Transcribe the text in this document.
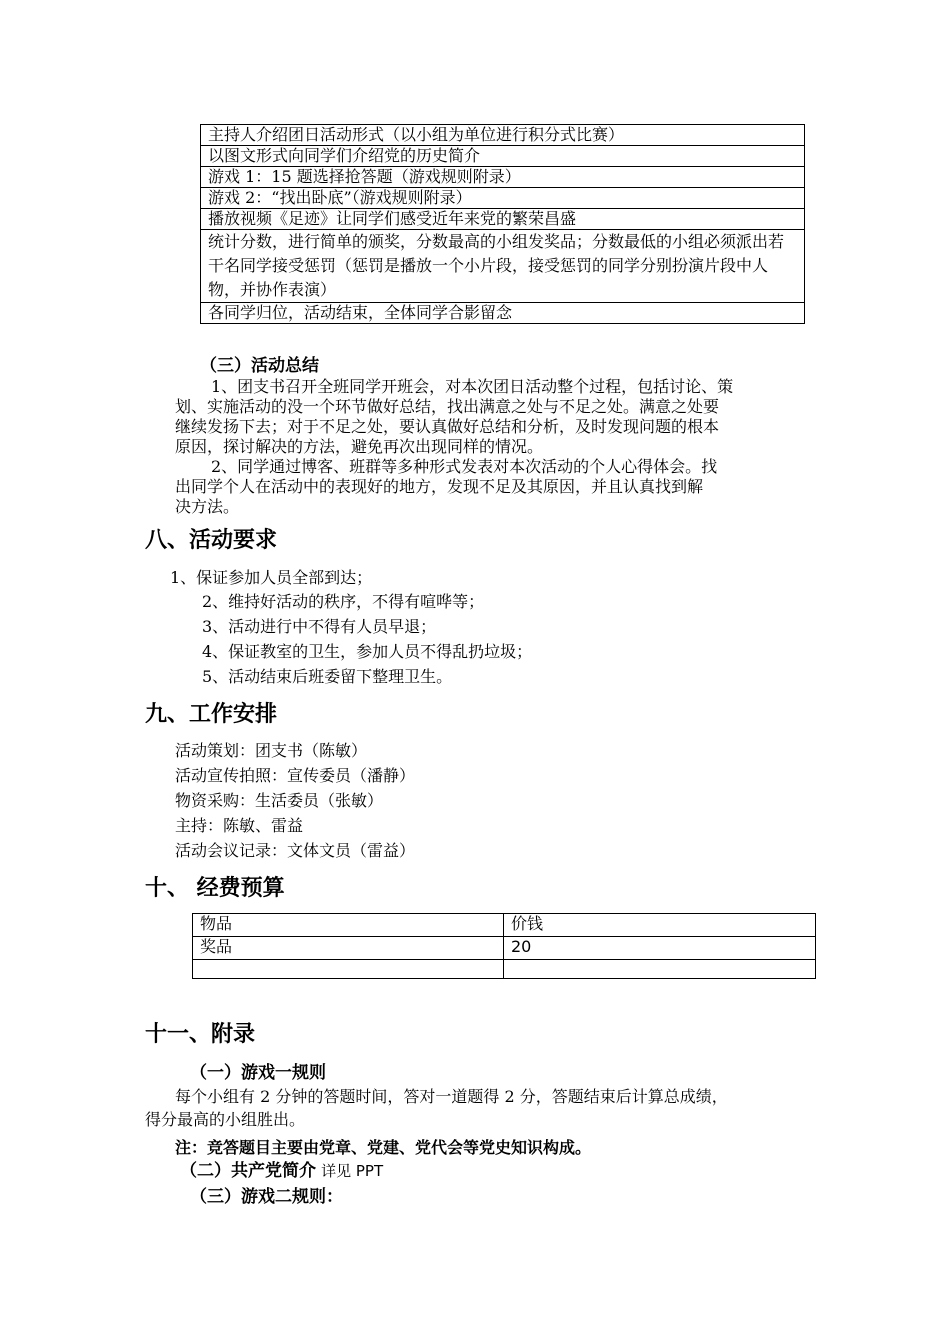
主持人介绍团日活动形式（以小组为单位进行积分式比赛）
以图文形式向同学们介绍党的历史简介
游戏 1：15 题选择抢答题（游戏规则附录）
游戏 2：“找出卧底”（游戏规则附录）
播放视频《足迹》让同学们感受近年来党的繁荣昌盛
统计分数，进行简单的颁奖，分数最高的小组发奖品；分数最低的小组必须派出若干名同学接受惩罚（惩罚是播放一个小片段，接受惩罚的同学分别扮演片段中人物，并协作表演）
各同学归位，活动结束，全体同学合影留念
（三）活动总结
1、团支书召开全班同学开班会，对本次团日活动整个过程，包括讨论、策
划、实施活动的没一个环节做好总结，找出满意之处与不足之处。满意之处要
继续发扬下去；对于不足之处，要认真做好总结和分析，及时发现问题的根本
原因，探讨解决的方法，避免再次出现同样的情况。
2、同学通过博客、班群等多种形式发表对本次活动的个人心得体会。找
出同学个人在活动中的表现好的地方，发现不足及其原因，并且认真找到解
决方法。
八、活动要求
1、保证参加人员全部到达；
2、维持好活动的秩序，不得有喧哗等；
3、活动进行中不得有人员早退；
4、保证教室的卫生，参加人员不得乱扔垃圾；
5、活动结束后班委留下整理卫生。
九、工作安排
活动策划：团支书（陈敏）
活动宣传拍照：宣传委员（潘静）
物资采购：生活委员（张敏）
主持：陈敏、雷益
活动会议记录：文体文员（雷益）
十、 经费预算
物品	价钱
奖品	20

十一、附录
（一）游戏一规则
每个小组有 2 分钟的答题时间，答对一道题得 2 分，答题结束后计算总成绩，
得分最高的小组胜出。
注：竞答题目主要由党章、党建、党代会等党史知识构成。
（二）共产党简介 详见 PPT
（三）游戏二规则：
